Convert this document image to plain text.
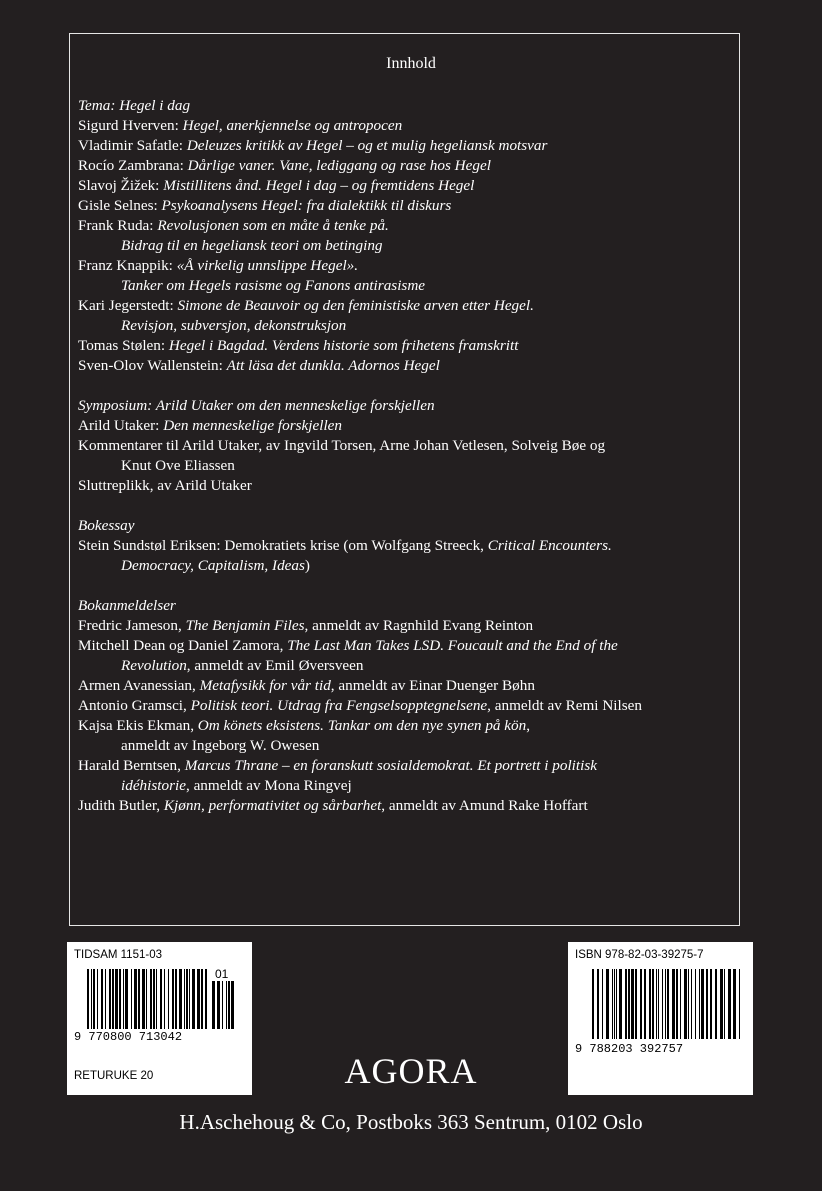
Innhold
Tema: Hegel i dag
Sigurd Hverven: Hegel, anerkjennelse og antropocen
Vladimir Safatle: Deleuzes kritikk av Hegel – og et mulig hegeliansk motsvar
Rocío Zambrana: Dårlige vaner. Vane, lediggang og rase hos Hegel
Slavoj Žižek: Mistillitens ånd. Hegel i dag – og fremtidens Hegel
Gisle Selnes: Psykoanalysens Hegel: fra dialektikk til diskurs
Frank Ruda: Revolusjonen som en måte å tenke på.
Bidrag til en hegeliansk teori om betinging
Franz Knappik: «Å virkelig unnslippe Hegel».
Tanker om Hegels rasisme og Fanons antirasisme
Kari Jegerstedt: Simone de Beauvoir og den feministiske arven etter Hegel.
Revisjon, subversjon, dekonstruksjon
Tomas Stølen: Hegel i Bagdad. Verdens historie som frihetens framskritt
Sven-Olov Wallenstein: Att läsa det dunkla. Adornos Hegel
Symposium: Arild Utaker om den menneskelige forskjellen
Arild Utaker: Den menneskelige forskjellen
Kommentarer til Arild Utaker, av Ingvild Torsen, Arne Johan Vetlesen, Solveig Bøe og
Knut Ove Eliassen
Sluttreplikk, av Arild Utaker
Bokessay
Stein Sundstøl Eriksen: Demokratiets krise (om Wolfgang Streeck, Critical Encounters.
Democracy, Capitalism, Ideas)
Bokanmeldelser
Fredric Jameson, The Benjamin Files, anmeldt av Ragnhild Evang Reinton
Mitchell Dean og Daniel Zamora, The Last Man Takes LSD. Foucault and the End of the
Revolution, anmeldt av Emil Øversveen
Armen Avanessian, Metafysikk for vår tid, anmeldt av Einar Duenger Bøhn
Antonio Gramsci, Politisk teori. Utdrag fra Fengselsopptegnelsene, anmeldt av Remi Nilsen
Kajsa Ekis Ekman, Om könets eksistens. Tankar om den nye synen på kön,
anmeldt av Ingeborg W. Owesen
Harald Berntsen, Marcus Thrane – en foranskutt sosialdemokrat. Et portrett i politisk
idéhistorie, anmeldt av Mona Ringvej
Judith Butler, Kjønn, performativitet og sårbarhet, anmeldt av Amund Rake Hoffart
TIDSAM 1151-03
01
9 770800 713042
RETURUKE 20
ISBN 978-82-03-39275-7
9 788203 392757
AGORA
H.Aschehoug & Co, Postboks 363 Sentrum, 0102 Oslo
